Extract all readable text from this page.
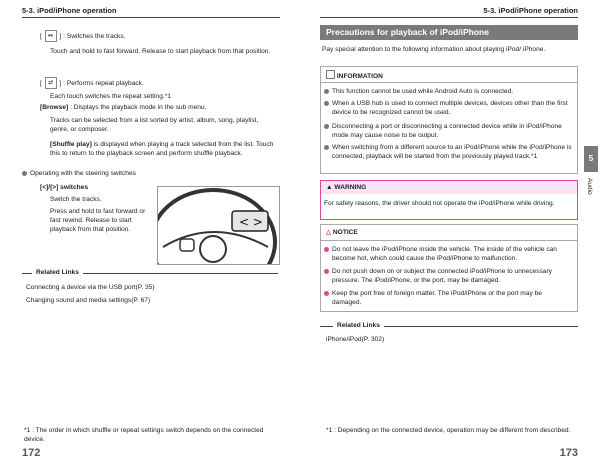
5-3. iPod/iPhone operation
[ ⏯ ] : Switches the tracks.
Touch and hold to fast forward. Release to start playback from that position.
[ ⇄ ] : Performs repeat playback.
Each touch switches the repeat setting.*1
[Browse] : Displays the playback mode in the sub menu.
Tracks can be selected from a list sorted by artist, album, song, playlist, genre, or composer.
[Shuffle play] is displayed when playing a track selected from the list. Touch this to return to the playback screen and perform shuffle playback.
Operating with the steering switches
[<]/[>] switches
Switch the tracks.
Press and hold to fast forward or fast rewind. Release to start playback from that position.
< >
Related Links
Connecting a device via the USB port(P. 35)
Changing sound and media settings(P. 67)
*1 : The order in which shuffle or repeat settings switch depends on the connected device.
172
5-3. iPod/iPhone operation
Precautions for playback of iPod/iPhone
Pay special attention to the following information about playing iPod/ iPhone.
INFORMATION
This function cannot be used while Android Auto is connected.
When a USB hub is used to connect multiple devices, devices other than the first device to be recognized cannot be used.
Disconnecting a port or disconnecting a connected device while in iPod/iPhone mode may cause noise to be output.
When switching from a different source to an iPod/iPhone while the iPod/iPhone is connected, playback will be started from the previously played track.*1
▲ WARNING
For safety reasons, the driver should not operate the iPod/iPhone while driving.
△ NOTICE
Do not leave the iPod/iPhone inside the vehicle. The inside of the vehicle can become hot, which could cause the iPod/iPhone to malfunction.
Do not push down on or subject the connected iPod/iPhone to unnecessary pressure. The iPod/iPhone, or the port, may be damaged.
Keep the port free of foreign matter. The iPod/iPhone or the port may be damaged.
Related Links
iPhone/iPod(P. 302)
*1 : Depending on the connected device, operation may be different from described.
173
5
Audio
